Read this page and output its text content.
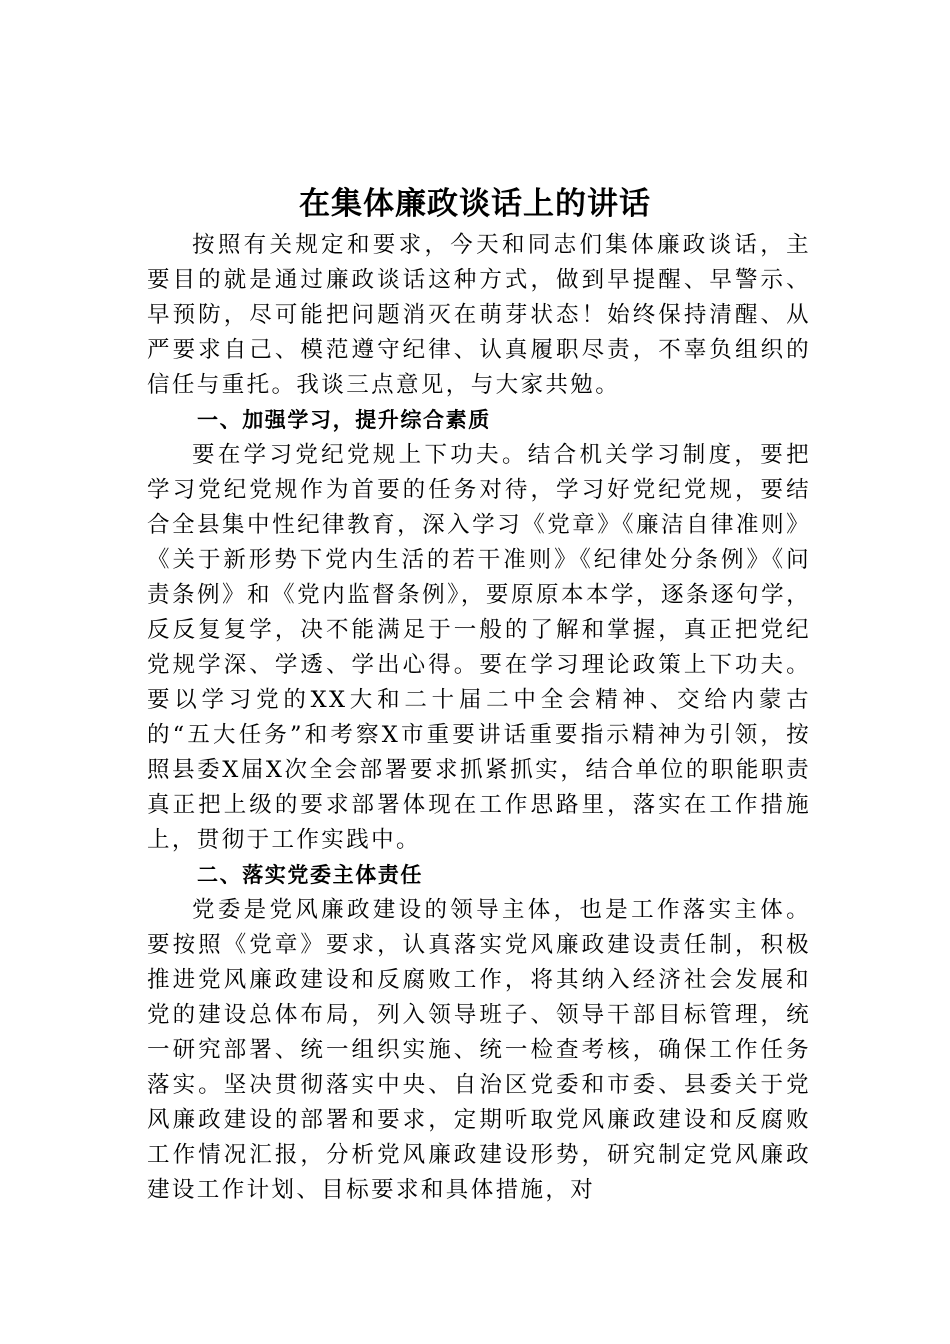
在集体廉政谈话上的讲话

按照有关规定和要求，今天和同志们集体廉政谈话，主要目的就是通过廉政谈话这种方式，做到早提醒、早警示、早预防，尽可能把问题消灭在萌芽状态！始终保持清醒、从严要求自己、模范遵守纪律、认真履职尽责，不辜负组织的信任与重托。我谈三点意见，与大家共勉。

一、加强学习，提升综合素质

要在学习党纪党规上下功夫。结合机关学习制度，要把学习党纪党规作为首要的任务对待，学习好党纪党规，要结合全县集中性纪律教育，深入学习《党章》《廉洁自律准则》《关于新形势下党内生活的若干准则》《纪律处分条例》《问责条例》和《党内监督条例》，要原原本本学，逐条逐句学，反反复复学，决不能满足于一般的了解和掌握，真正把党纪党规学深、学透、学出心得。要在学习理论政策上下功夫。要以学习党的XX大和二十届二中全会精神、交给内蒙古的“五大任务”和考察X市重要讲话重要指示精神为引领，按照县委X届X次全会部署要求抓紧抓实，结合单位的职能职责真正把上级的要求部署体现在工作思路里，落实在工作措施上，贯彻于工作实践中。

二、落实党委主体责任

党委是党风廉政建设的领导主体，也是工作落实主体。要按照《党章》要求，认真落实党风廉政建设责任制，积极推进党风廉政建设和反腐败工作，将其纳入经济社会发展和党的建设总体布局，列入领导班子、领导干部目标管理，统一研究部署、统一组织实施、统一检查考核，确保工作任务落实。坚决贯彻落实中央、自治区党委和市委、县委关于党风廉政建设的部署和要求，定期听取党风廉政建设和反腐败工作情况汇报，分析党风廉政建设形势，研究制定党风廉政建设工作计划、目标要求和具体措施，对
